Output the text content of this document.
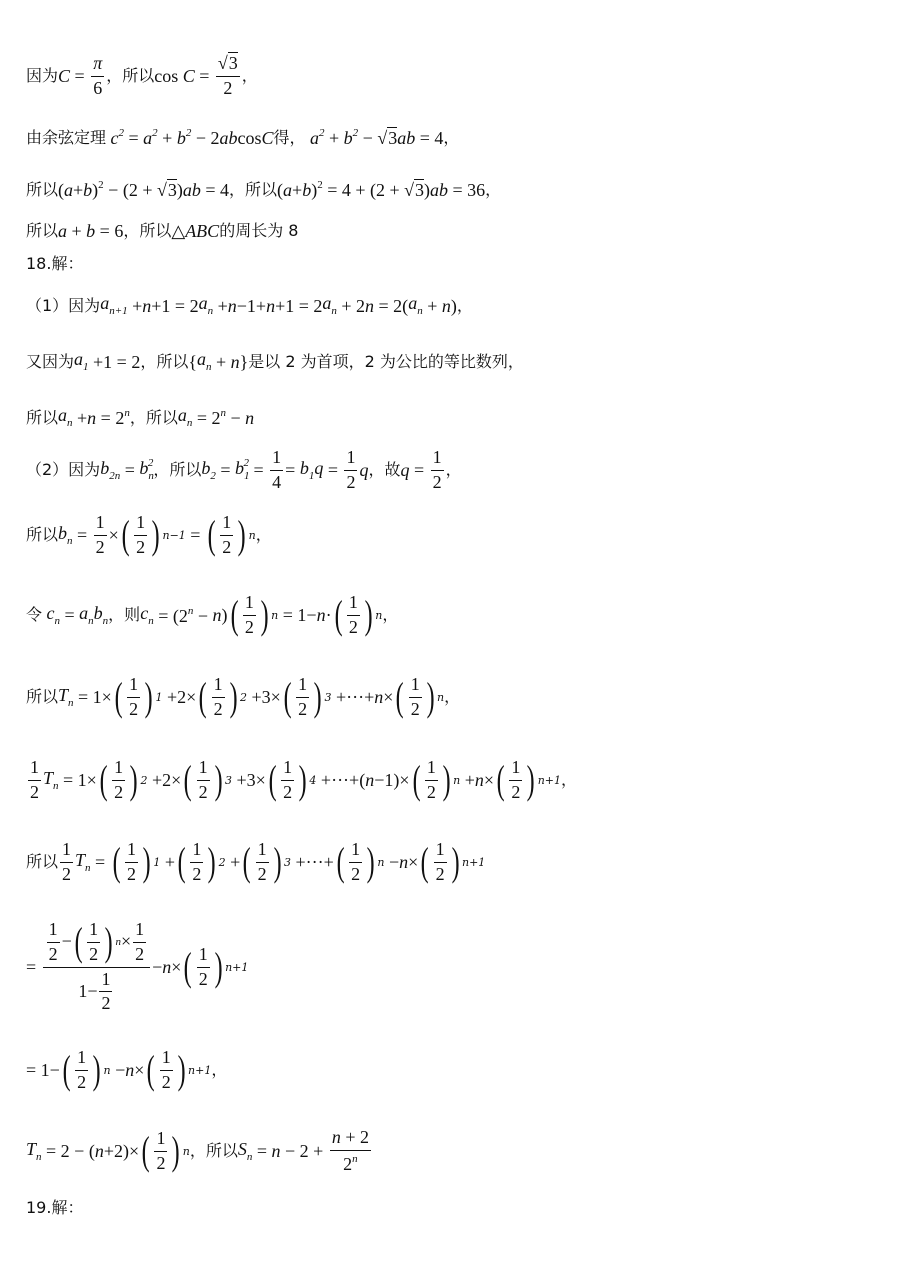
因为 $C = \frac{\pi}{6}$ ，所以 $\cos C = \frac{√3}{2}$ ，
由余弦定理 $c^2 = a^2 + b^2 - 2$ ab cos C 得， $a^2 + b^2 - √3$ ab = 4 ，
所以 ( a + b )$^2$ − (2 + √3) ab = 4 ，所以 ( a + b )$^2$ = 4 + (2 + √3) ab = 36 ，
所以 a + b = 6 ，所以 △ ABC 的周长为 8
18.解：
（1）因为 $a_{n+1} + n +1 = 2$ $a_n + n -1+ n +1 = 2$ $a_n + 2$ n = 2( $a_n + n$ ) ，
又因为 $a_1 +1 = 2$ ，所以 { $a_n + n$ } 是以 2 为首项，2 为公比的等比数列，
所以 $a_n + n = 2^n$ ，所以 $a_n = 2^n - n$
（2）因为 $b_{2n} = b_n^2$ ，所以 $b_2 = b_1^2 = \frac{1}{4} = b_1q = \frac{1}{2}$ q ，故 $q = \frac{1}{2}$ ，
所以 $b_n = \frac{1}{2}$ × ( $\frac{1}{2}$ ) n−1 = ( $\frac{1}{2}$ ) n ，
令 $c_n = a_nb_n$ ，则 $c_n = (2^n - n$ ) ( $\frac{1}{2}$ ) n = 1− n · ( $\frac{1}{2}$ ) n ，
所以 $T_n = 1\times$ ( $\frac{1}{2}$ ) 1 +2× ( $\frac{1}{2}$ ) 2 +3× ( $\frac{1}{2}$ ) 3 +···+ n × ( $\frac{1}{2}$ ) n ，
$\frac{1}{2} T_n = 1\times$ ( $\frac{1}{2}$ ) 2 +2× ( $\frac{1}{2}$ ) 3 +3× ( $\frac{1}{2}$ ) 4 +···+( n −1)× ( $\frac{1}{2}$ ) n + n × ( $\frac{1}{2}$ ) n+1 ，
所以 $\frac{1}{2} T_n$ = ( $\frac{1}{2}$ ) 1 + ( $\frac{1}{2}$ ) 2 + ( $\frac{1}{2}$ ) 3 +···+ ( $\frac{1}{2}$ ) n − n × ( $\frac{1}{2}$ ) n+1
= $\frac{\frac{1}{2} - ( \frac{1}{2} ) n \times \frac{1}{2}}{1- \frac{1}{2}} - n$ × ( $\frac{1}{2}$ ) n+1
= 1− ( $\frac{1}{2}$ ) n − n × ( $\frac{1}{2}$ ) n+1 ，
$T_n = 2$ − ( n +2)× ( $\frac{1}{2}$ ) n ，所以 $S_n = n - 2 + \frac{n + 2}{2^n}$
19.解：
